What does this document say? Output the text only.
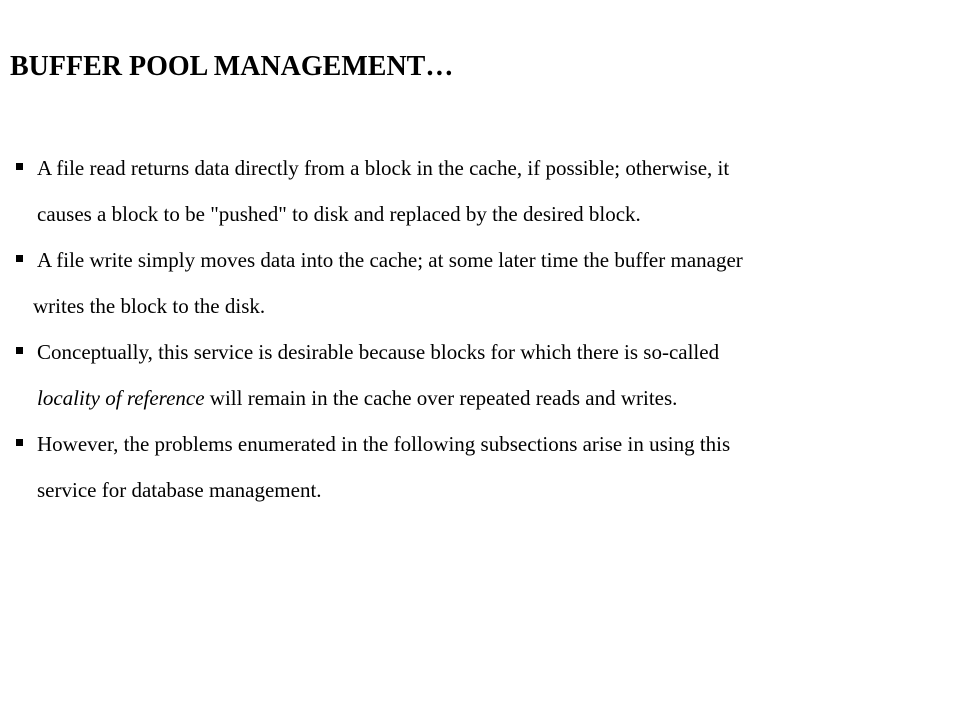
BUFFER POOL MANAGEMENT…
A file read returns data directly from a block in the cache, if possible; otherwise, it
causes a block to be "pushed" to disk and replaced by the desired block.
A file write simply moves data into the cache; at some later time the buffer manager
writes the block to the disk.
Conceptually, this service is desirable because blocks for which there is so-called
locality of reference will remain in the cache over repeated reads and writes.
However, the problems enumerated in the following subsections arise in using this
service for database management.
